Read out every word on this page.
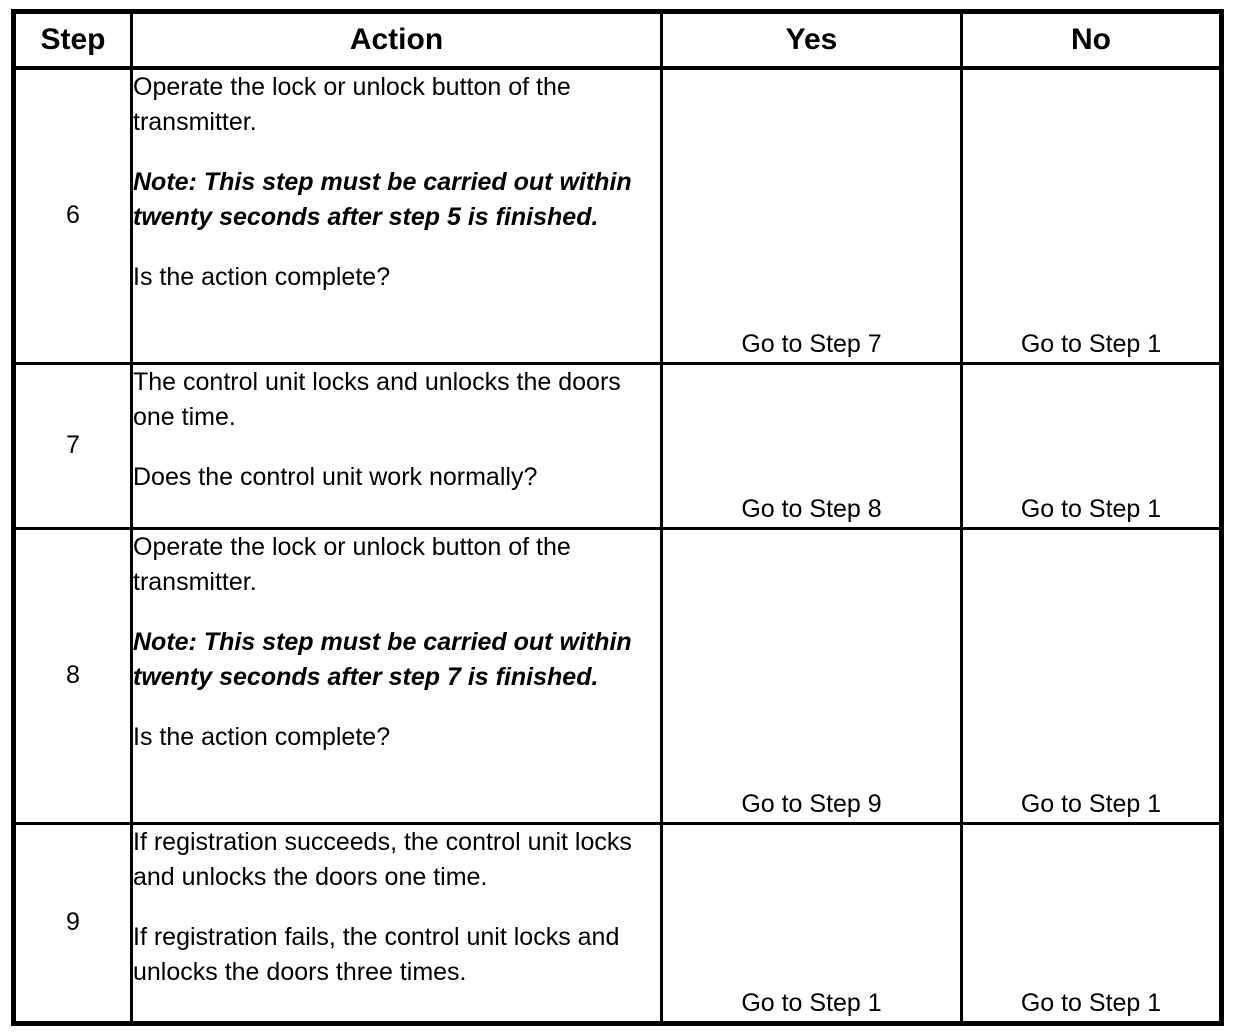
Step	Action	Yes	No
6	Operate the lock or unlock button of the transmitter.

Note: This step must be carried out within twenty seconds after step 5 is finished.

Is the action complete?	Go to Step 7	Go to Step 1
7	The control unit locks and unlocks the doors one time.

Does the control unit work normally?	Go to Step 8	Go to Step 1
8	Operate the lock or unlock button of the transmitter.

Note: This step must be carried out within twenty seconds after step 7 is finished.

Is the action complete?	Go to Step 9	Go to Step 1
9	If registration succeeds, the control unit locks and unlocks the doors one time.

If registration fails, the control unit locks and unlocks the doors three times.	Go to Step 1	Go to Step 1
